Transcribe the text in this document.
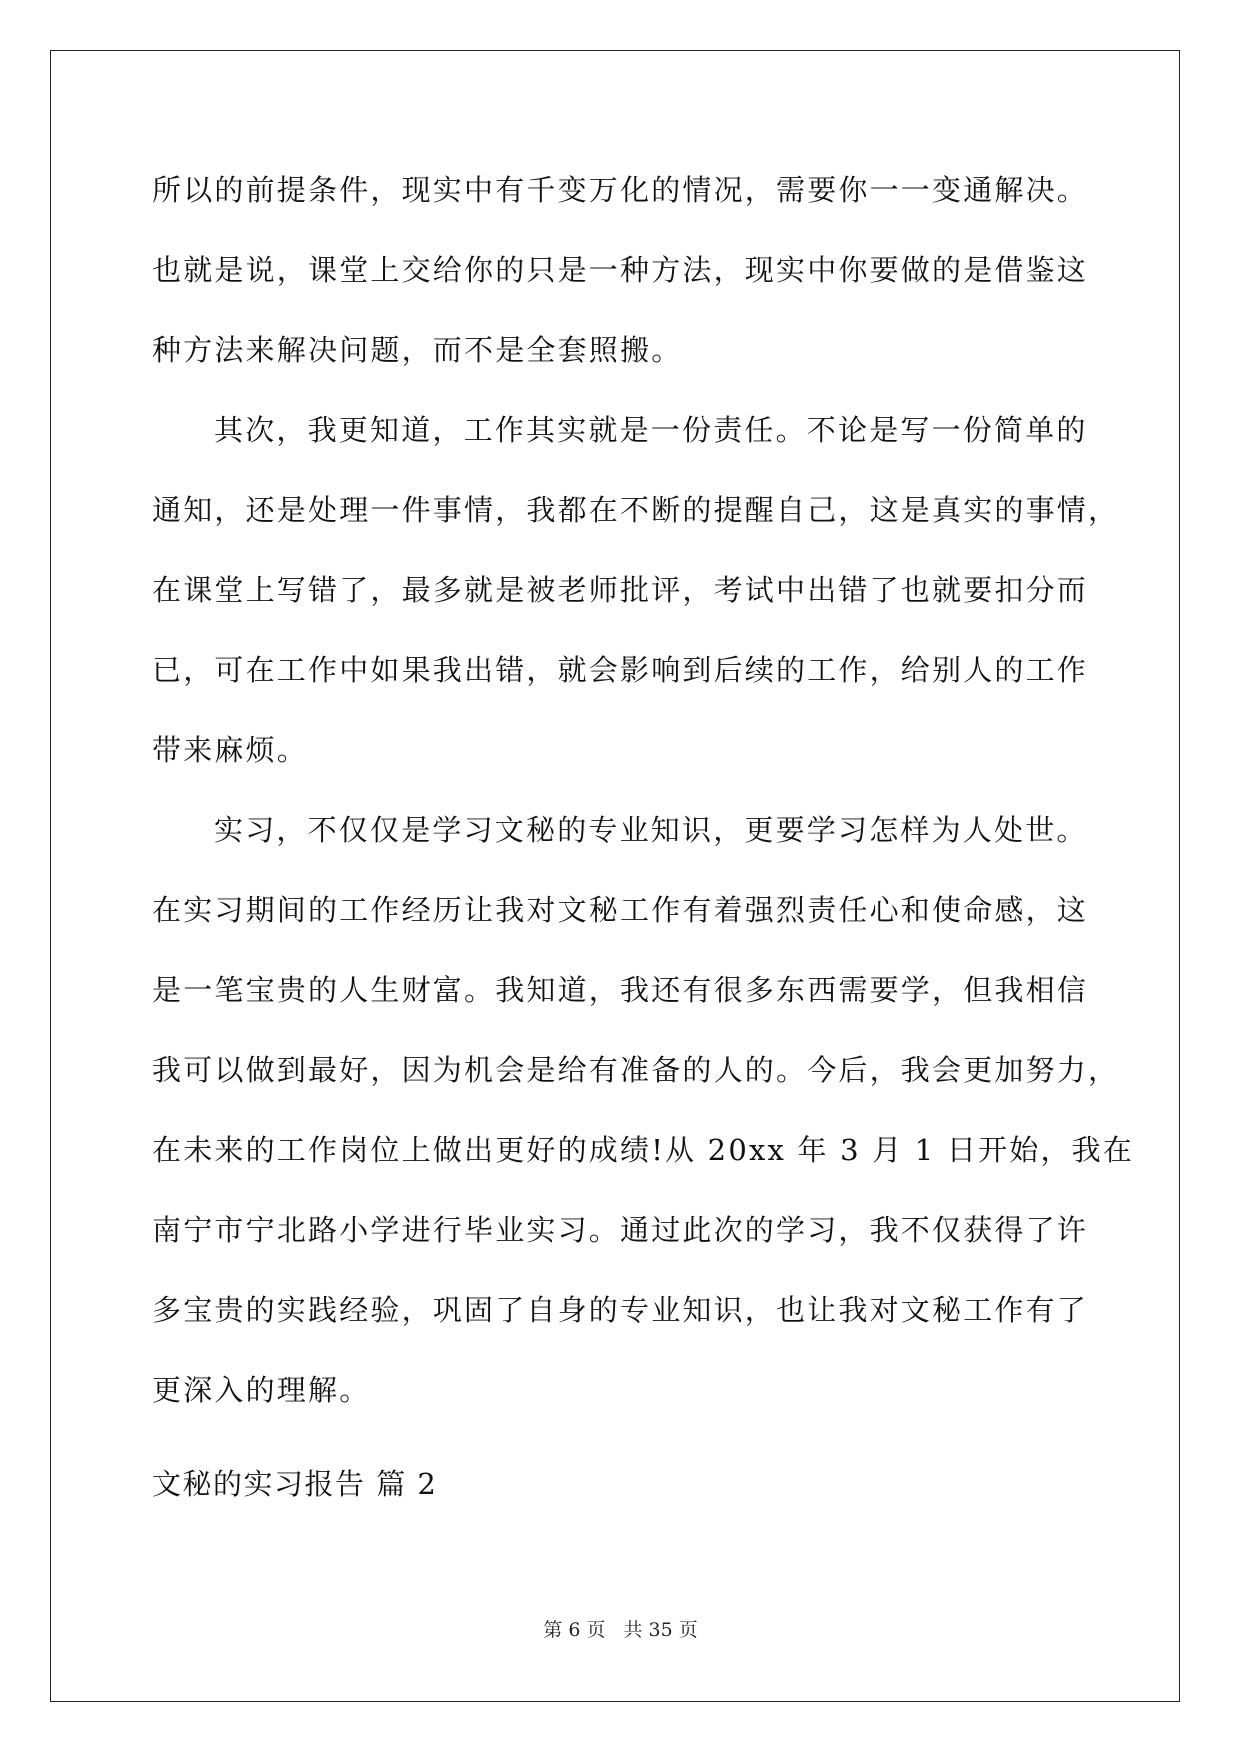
所以的前提条件，现实中有千变万化的情况，需要你一一变通解决。
也就是说，课堂上交给你的只是一种方法，现实中你要做的是借鉴这
种方法来解决问题，而不是全套照搬。
其次，我更知道，工作其实就是一份责任。不论是写一份简单的
通知，还是处理一件事情，我都在不断的提醒自己，这是真实的事情，
在课堂上写错了，最多就是被老师批评，考试中出错了也就要扣分而
已，可在工作中如果我出错，就会影响到后续的工作，给别人的工作
带来麻烦。
实习，不仅仅是学习文秘的专业知识，更要学习怎样为人处世。
在实习期间的工作经历让我对文秘工作有着强烈责任心和使命感，这
是一笔宝贵的人生财富。我知道，我还有很多东西需要学，但我相信
我可以做到最好，因为机会是给有准备的人的。今后，我会更加努力，
在未来的工作岗位上做出更好的成绩!从 20xx 年 3 月 1 日开始，我在
南宁市宁北路小学进行毕业实习。通过此次的学习，我不仅获得了许
多宝贵的实践经验，巩固了自身的专业知识，也让我对文秘工作有了
更深入的理解。
文秘的实习报告 篇 2
第 6 页 共 35 页
